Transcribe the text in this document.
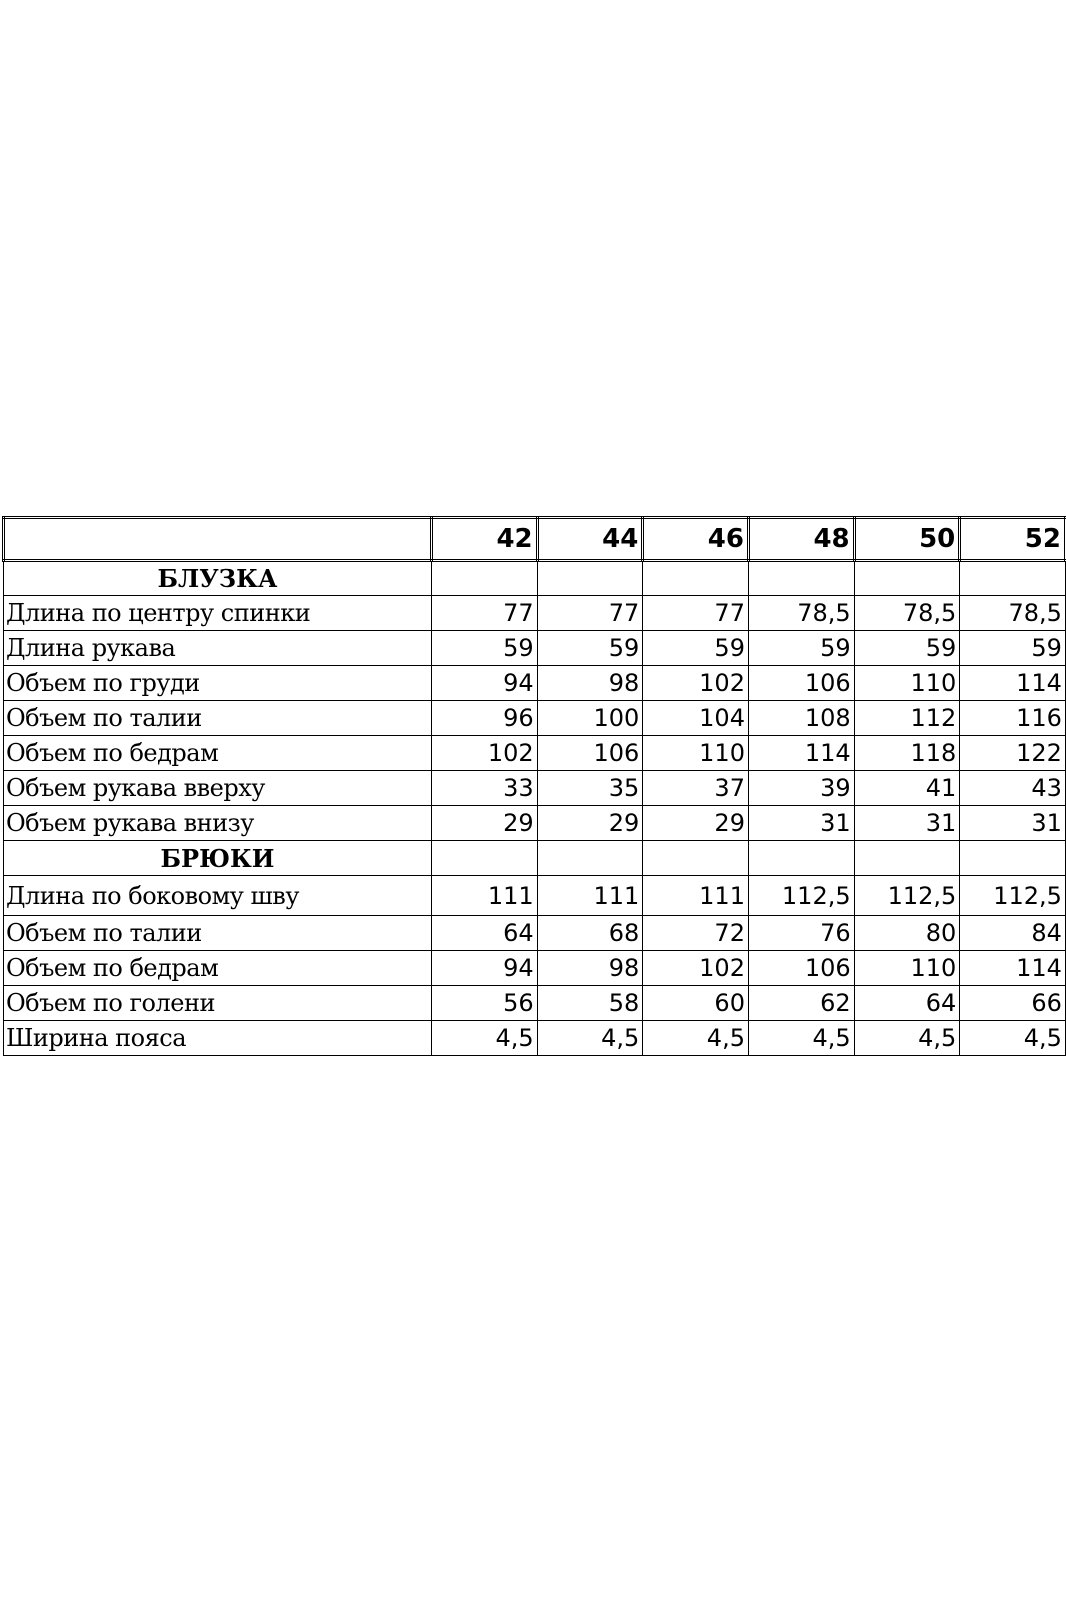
	42	44	46	48	50	52
БЛУЗКА						
Длина по центру спинки	77	77	77	78,5	78,5	78,5
Длина рукава	59	59	59	59	59	59
Объем по груди	94	98	102	106	110	114
Объем по талии	96	100	104	108	112	116
Объем по бедрам	102	106	110	114	118	122
Объем рукава вверху	33	35	37	39	41	43
Объем рукава внизу	29	29	29	31	31	31
БРЮКИ						
Длина по боковому шву	111	111	111	112,5	112,5	112,5
Объем по талии	64	68	72	76	80	84
Объем по бедрам	94	98	102	106	110	114
Объем по голени	56	58	60	62	64	66
Ширина пояса	4,5	4,5	4,5	4,5	4,5	4,5
